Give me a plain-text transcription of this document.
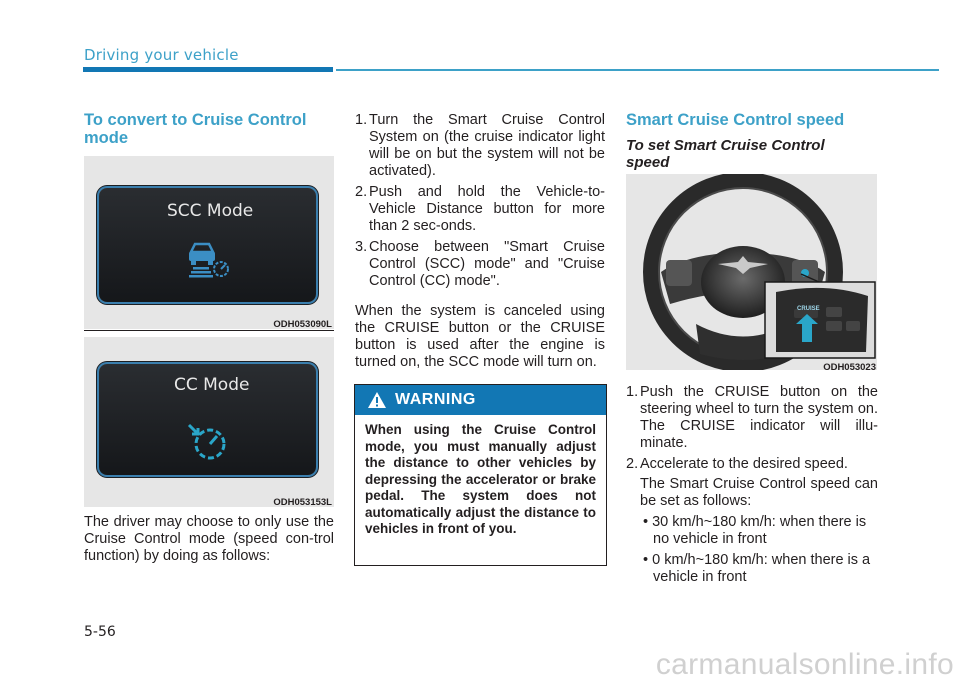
Driving your vehicle
To convert to Cruise Control mode
SCC Mode
ODH053090L
CC Mode
ODH053153L

The driver may choose to only use the Cruise Control mode (speed con-trol function) by doing as follows:

1. Turn the Smart Cruise Control System on (the cruise indicator light will be on but the system will not be activated).
2. Push and hold the Vehicle-to-Vehicle Distance button for more than 2 sec-onds.
3. Choose between "Smart Cruise Control (SCC) mode" and "Cruise Control (CC) mode".

When the system is canceled using the CRUISE button or the CRUISE button is used after the engine is turned on, the SCC mode will turn on.

WARNING
When using the Cruise Control mode, you must manually adjust the distance to other vehicles by depressing the accelerator or brake pedal. The system does not automatically adjust the distance to vehicles in front of you.
Smart Cruise Control speed
To set Smart Cruise Control speed
CRUISE
ODH053023
1. Push the CRUISE button on the steering wheel to turn the system on. The CRUISE indicator will illu-minate.
2. Accelerate to the desired speed.

The Smart Cruise Control speed can be set as follows:

• 30 km/h~180 km/h: when there is no vehicle in front
• 0 km/h~180 km/h: when there is a vehicle in front
5-56
carmanualsonline.info
